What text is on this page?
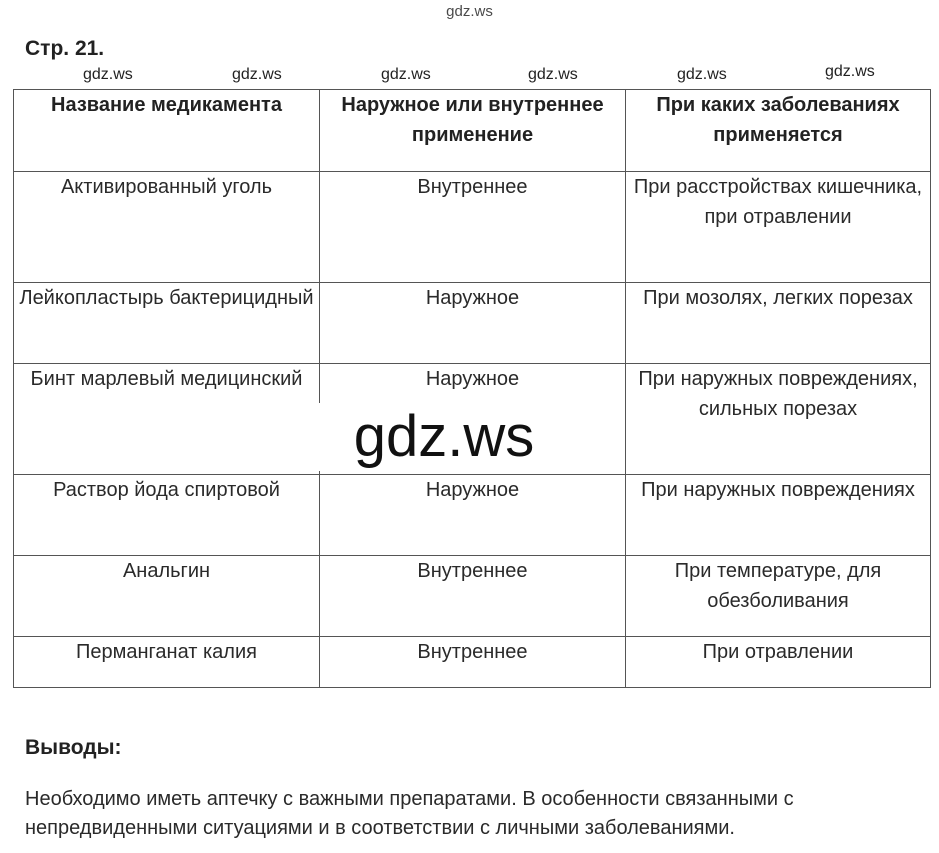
gdz.ws
Стр. 21.
gdz.ws	gdz.ws	gdz.ws	gdz.ws	gdz.ws	gdz.ws
Название медикамента	Наружное или внутреннее применение	При каких заболеваниях применяется
Активированный уголь	Внутреннее	При расстройствах кишечника, при отравлении
Лейкопластырь бактерицидный	Наружное	При мозолях, легких порезах
Бинт марлевый медицинский	Наружное	При наружных повреждениях, сильных порезах
Раствор йода спиртовой	Наружное	При наружных повреждениях
Анальгин	Внутреннее	При температуре, для обезболивания
Перманганат калия	Внутреннее	При отравлении
gdz.ws
Выводы:
Необходимо иметь аптечку с важными препаратами. В особенности связанными с непредвиденными ситуациями и в соответствии с личными заболеваниями.
